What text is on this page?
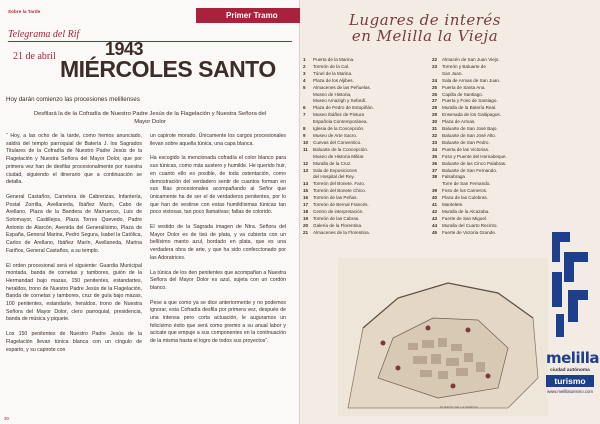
Sobre la Tarde	Primer Tramo
Telegrama del Rif
1943
21 de abril MIÉRCOLES SANTO
Hoy darán comienzo las procesiones melillenses
Desfilará la de la Cofradía de Nuestro Padre Jesús de la Flagelación y Nuestra Señora del Mayor Dolor

“ Hoy, a las ocho de la tarde, como hemos anunciado, saldrá del templo parroquial de Batería J. los Sagrados Titulares de la Cofradía de Nuestro Padre Jesús de la Flagelación y Nuestra Señora del Mayor Dolor, que por primera vez han de desfilar procesionalmente por nuestra ciudad, siguiendo el itinerario que a continuación se detalla.

General Castaños, Carretera de Cabrerizas, Infantería, Postal Zorrilla, Avellaneda, Ibáñez Marín, Cabo de Arellano, Plaza de la Bandera de Marruecos, Luis de Sotomayor, Castillejos, Plaza Torres Quevedo, Padre Antonio de Alarcón, Avenida del Generalísimo, Plaza de España, General Marina, Pedro Segura, Isabel la Católica, Carlos de Arellano, Ibáñez Marín, Avellaneda, Marina Fariños, General Castaños, a su templo.

El orden procesional será el siguiente: Guardia Municipal montada, banda de cornetas y tambores, guión de la Hermandad bajo mazas, 150 penitentes, estandartes, heraldos, trono de Nuestro Padre Jesús de la Flagelación, Banda de cornetas y tambores, cruz de guía bajo mazas, 100 penitentes, estandarte, heraldos, trono de Nuestra Señora del Mayor Dolor, clero parroquial, presidencia, banda de música y piquete.

Los 150 penitentes de Nuestro Padre Jesús de la Flagelación llevan túnica blanca con un cíngulo de esparto, y su capirote con

un capirote morado. Únicamente los cargos procesionales llevan sobre aquella túnica, una capa blanca.

Ha escogido la mencionada cofradía el color blanco para sus túnicas, como más austero y humilde. He querido huir, en cuanto ello es posible, de toda ostentación, como demostración del verdadero sentir de cuantos forman en sus filas procesionales acompañando al Señor que únicamente ha de ser el de verdaderos penitentes, por lo que han de vestirse con estas humildísimas túnicas tan poco vistosas, tan poco llamativas; faltas de colorido.

El vestido de la Sagrada imagen de Ntra. Señora del Mayor Dolor es de tisú de plata, y va cubierta con un bellísimo manto azul, bordado en plata, que es una verdadera obra de arte, y que ha sido confeccionado por las Adoratrices.

La túnica de los den penitentes que acompañan a Nuestra Señora del Mayor Dolor es azul, sujeta con un cordón blanco.

Pese a que como ya se dice anteriormente y no podemos ignorar, esta Cofradía desfila por primera vez, después de una intensa pero corta actuación, le auguramos un felicísimo éxito que será como premio a su anual labor y acicate que empuje a sus componentes en la continuación de la misma hasta el logro de todos sus proyectos”.

30
Lugares de interés
en Melilla la Vieja
1 Puerta de la Marina.
2 Torreón de la Cal.
3 Túnel de la Marina.
4 Plaza de los Aljibes.
5 Almacenes de las Peñuelas.
Museo de Historia,
Museo Amazigh y Sefardí.
6 Plaza de Pedro de Estopiñán.
7 Museo Ibáñez de Pintura
Española Contemporánea.
8 Iglesia de la Concepción.
9 Museo de Arte Sacro.
10 Cuevas del Conventico.
11 Baluarte de la Concepción.
Museo de Historia Militar.
12 Muralla de la Cruz.
13 Sala de Exposiciones
del Hospital del Rey.
14 Torreón del Bonete. Faro.
15 Torreón del Bonete Chico.
16 Torreón de las Peñas.
17 Torreón de Bernal Francés.
18 Centro de interpretación.
19 Torreón de las Cabras.
20 Galería de la Florentina.
21 Almacenes de la Florentina.
22 Almacén de San Juan Viejo.
23 Torreón y Baluarte de
San Juan.
24 Sala de Armas de San Juan.
25 Puerta de Santa Ana.
26 Capilla de Santiago.
27 Puerta y Foso de Santiago.
28 Muralla de la Batería Real.
29 Ensenada de los Galápagos.
30 Plaza de Armas.
31 Baluarte de San José Bajo.
32 Baluarte de San José Alto.
33 Baluarte de San Pedro.
34 Puerta de las Victorias.
35 Foso y Puente del Hornabeque.
36 Baluarte de las Cinco Palabras.
37 Baluarte de San Fernando.
38 Falsabraga
Torre de San Fernando.
39 Foso de los Carneros.
40 Plaza de las Culebras.
41 Mantelete.
42 Muralla de la Alcazaba.
43 Fuerte de San Miguel.
44 Muralla del Cuarto Recinto.
45 Fuerte de Victoria Grande.
PUERTO DE LA MARINA
melilla
ciudad autónoma
turismo
www.melillaturismo.com
